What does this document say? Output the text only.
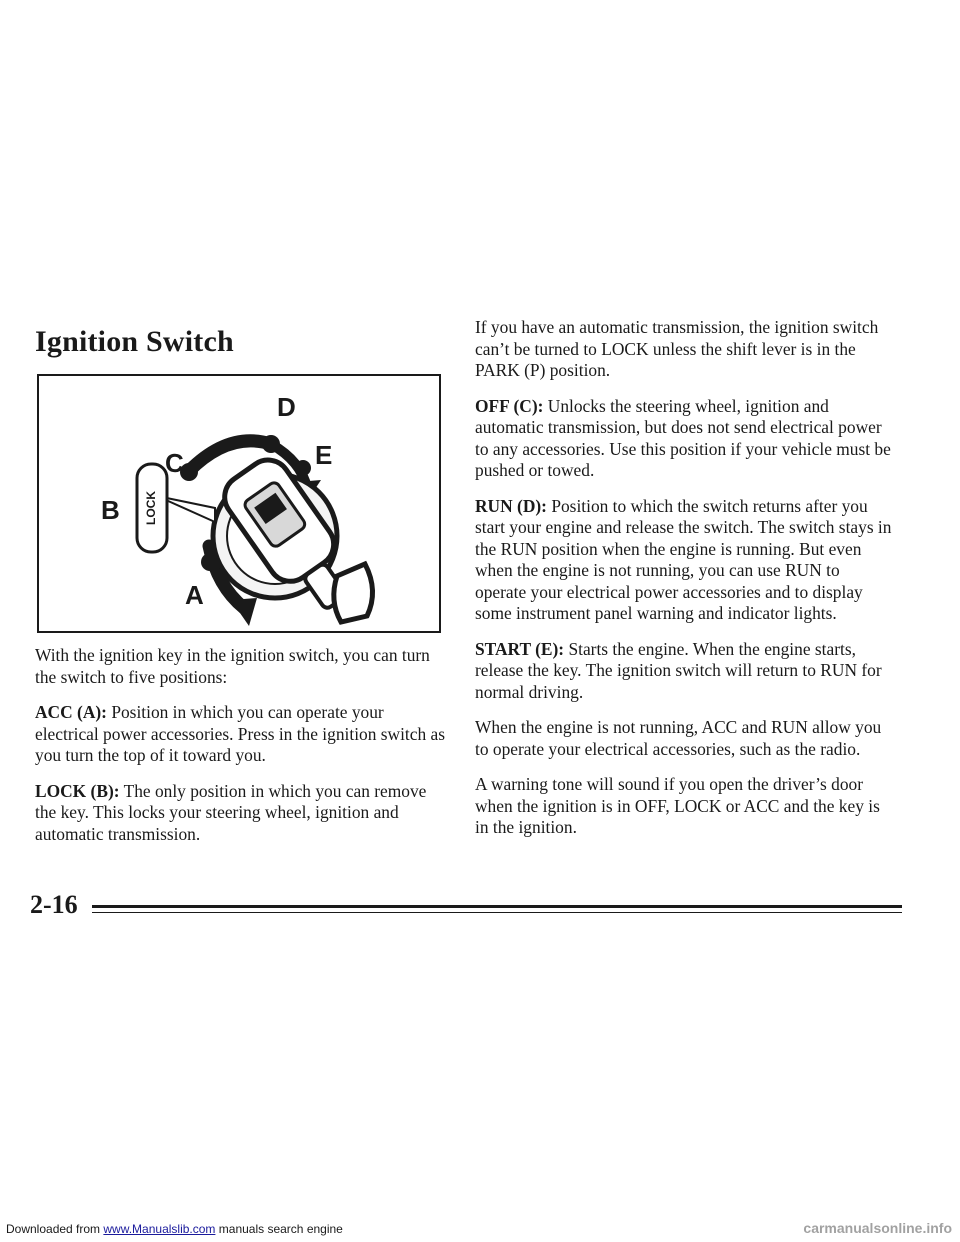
Ignition Switch
LOCK
A
B
C
D
E

With the ignition key in the ignition switch, you can turn the switch to five positions:

ACC (A): Position in which you can operate your electrical power accessories. Press in the ignition switch as you turn the top of it toward you.

LOCK (B): The only position in which you can remove the key. This locks your steering wheel, ignition and automatic transmission.

If you have an automatic transmission, the ignition switch can’t be turned to LOCK unless the shift lever is in the PARK (P) position.

OFF (C): Unlocks the steering wheel, ignition and automatic transmission, but does not send electrical power to any accessories. Use this position if your vehicle must be pushed or towed.

RUN (D): Position to which the switch returns after you start your engine and release the switch. The switch stays in the RUN position when the engine is running. But even when the engine is not running, you can use RUN to operate your electrical power accessories and to display some instrument panel warning and indicator lights.

START (E): Starts the engine. When the engine starts, release the key. The ignition switch will return to RUN for normal driving.

When the engine is not running, ACC and RUN allow you to operate your electrical accessories, such as the radio.

A warning tone will sound if you open the driver’s door when the ignition is in OFF, LOCK or ACC and the key is in the ignition.

2-16
Downloaded from www.Manualslib.com manuals search engine	carmanualsonline.info
